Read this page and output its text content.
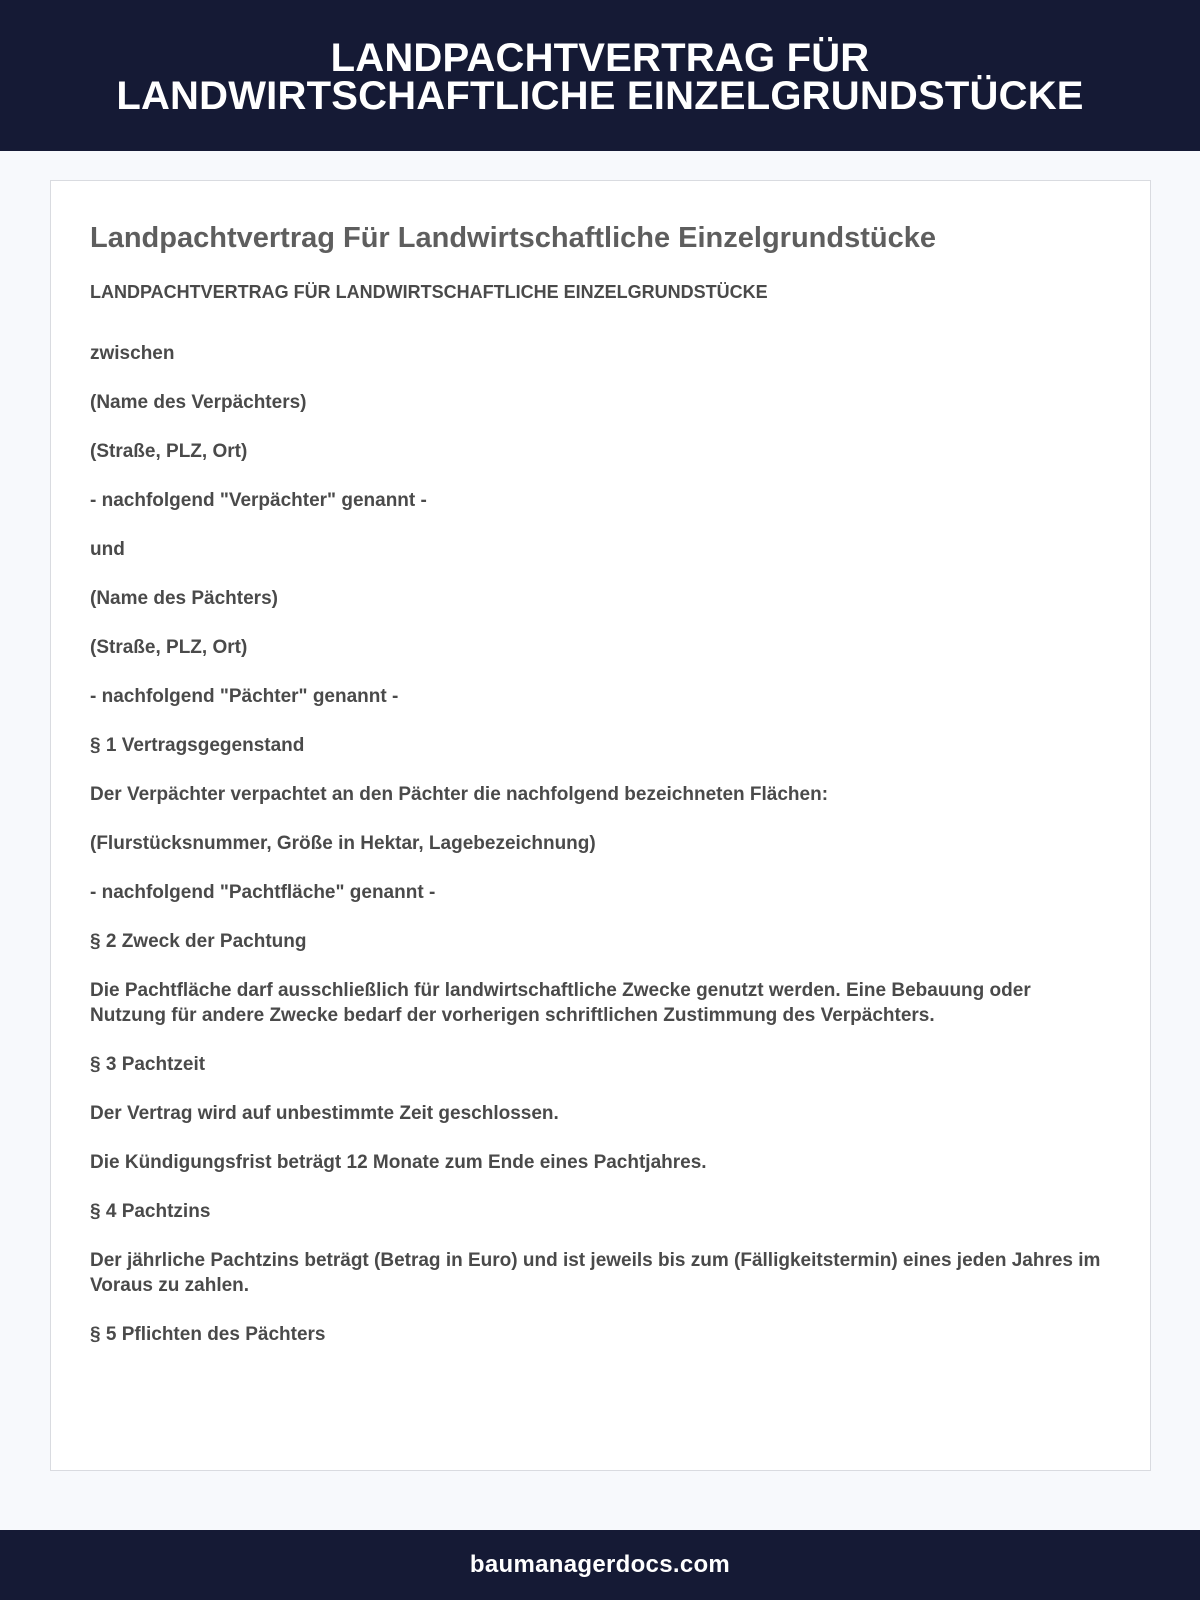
LANDPACHTVERTRAG FÜR
LANDWIRTSCHAFTLICHE EINZELGRUNDSTÜCKE
Landpachtvertrag Für Landwirtschaftliche Einzelgrundstücke
LANDPACHTVERTRAG FÜR LANDWIRTSCHAFTLICHE EINZELGRUNDSTÜCKE
zwischen
(Name des Verpächters)
(Straße, PLZ, Ort)
- nachfolgend "Verpächter" genannt -
und
(Name des Pächters)
(Straße, PLZ, Ort)
- nachfolgend "Pächter" genannt -
§ 1 Vertragsgegenstand
Der Verpächter verpachtet an den Pächter die nachfolgend bezeichneten Flächen:
(Flurstücksnummer, Größe in Hektar, Lagebezeichnung)
- nachfolgend "Pachtfläche" genannt -
§ 2 Zweck der Pachtung
Die Pachtfläche darf ausschließlich für landwirtschaftliche Zwecke genutzt werden. Eine Bebauung oder Nutzung für andere Zwecke bedarf der vorherigen schriftlichen Zustimmung des Verpächters.
§ 3 Pachtzeit
Der Vertrag wird auf unbestimmte Zeit geschlossen.
Die Kündigungsfrist beträgt 12 Monate zum Ende eines Pachtjahres.
§ 4 Pachtzins
Der jährliche Pachtzins beträgt (Betrag in Euro) und ist jeweils bis zum (Fälligkeitstermin) eines jeden Jahres im Voraus zu zahlen.
§ 5 Pflichten des Pächters
baumanagerdocs.com
